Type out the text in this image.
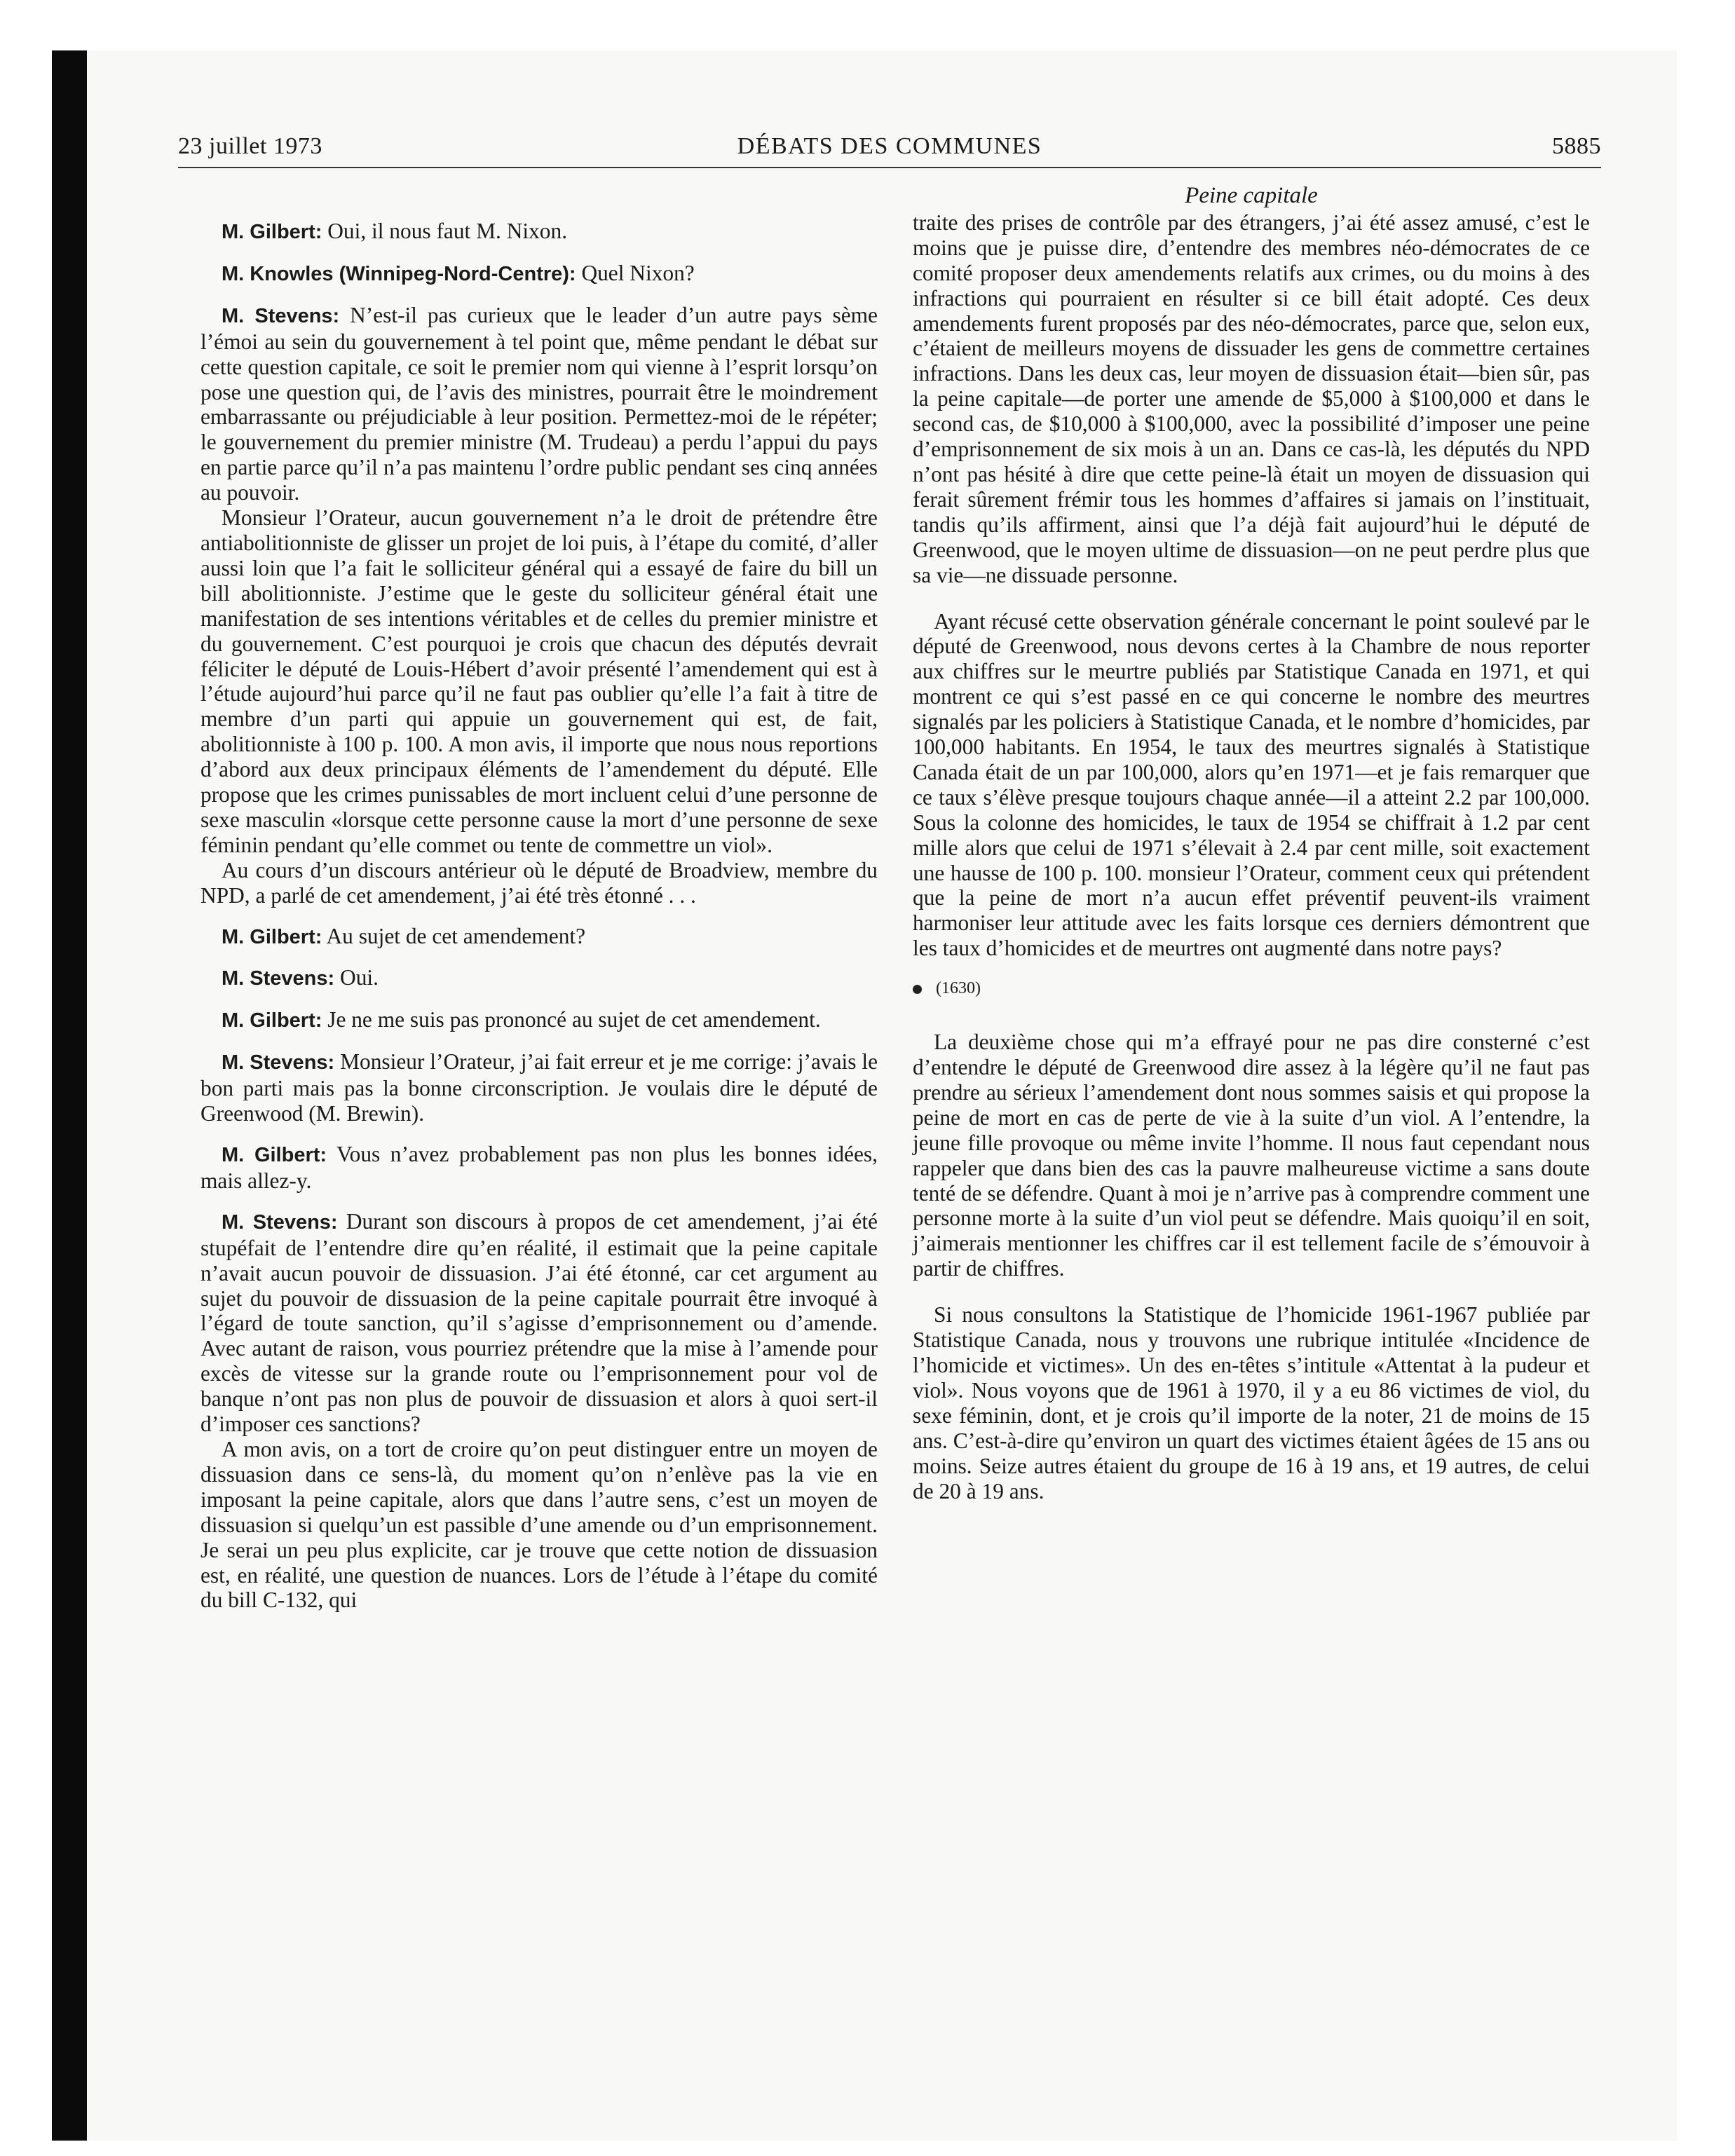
23 juillet 1973	DÉBATS DES COMMUNES	5885

M. Gilbert: Oui, il nous faut M. Nixon.

M. Knowles (Winnipeg-Nord-Centre): Quel Nixon?

M. Stevens: N’est-il pas curieux que le leader d’un autre pays sème l’émoi au sein du gouvernement à tel point que, même pendant le débat sur cette question capitale, ce soit le premier nom qui vienne à l’esprit lorsqu’on pose une question qui, de l’avis des ministres, pourrait être le moindrement embarrassante ou préjudiciable à leur position. Permettez-moi de le répéter; le gouvernement du premier ministre (M. Trudeau) a perdu l’appui du pays en partie parce qu’il n’a pas maintenu l’ordre public pendant ses cinq années au pouvoir.

Monsieur l’Orateur, aucun gouvernement n’a le droit de prétendre être antiabolitionniste de glisser un projet de loi puis, à l’étape du comité, d’aller aussi loin que l’a fait le solliciteur général qui a essayé de faire du bill un bill abolitionniste. J’estime que le geste du solliciteur général était une manifestation de ses intentions véritables et de celles du premier ministre et du gouvernement. C’est pourquoi je crois que chacun des députés devrait féliciter le député de Louis-Hébert d’avoir présenté l’amendement qui est à l’étude aujourd’hui parce qu’il ne faut pas oublier qu’elle l’a fait à titre de membre d’un parti qui appuie un gouvernement qui est, de fait, abolitionniste à 100 p. 100. A mon avis, il importe que nous nous reportions d’abord aux deux principaux éléments de l’amendement du député. Elle propose que les crimes punissables de mort incluent celui d’une personne de sexe masculin «lorsque cette personne cause la mort d’une personne de sexe féminin pendant qu’elle commet ou tente de commettre un viol».

Au cours d’un discours antérieur où le député de Broadview, membre du NPD, a parlé de cet amendement, j’ai été très étonné . . .

M. Gilbert: Au sujet de cet amendement?

M. Stevens: Oui.

M. Gilbert: Je ne me suis pas prononcé au sujet de cet amendement.

M. Stevens: Monsieur l’Orateur, j’ai fait erreur et je me corrige: j’avais le bon parti mais pas la bonne circonscription. Je voulais dire le député de Greenwood (M. Brewin).

M. Gilbert: Vous n’avez probablement pas non plus les bonnes idées, mais allez-y.

M. Stevens: Durant son discours à propos de cet amendement, j’ai été stupéfait de l’entendre dire qu’en réalité, il estimait que la peine capitale n’avait aucun pouvoir de dissuasion. J’ai été étonné, car cet argument au sujet du pouvoir de dissuasion de la peine capitale pourrait être invoqué à l’égard de toute sanction, qu’il s’agisse d’emprisonnement ou d’amende. Avec autant de raison, vous pourriez prétendre que la mise à l’amende pour excès de vitesse sur la grande route ou l’emprisonnement pour vol de banque n’ont pas non plus de pouvoir de dissuasion et alors à quoi sert-il d’imposer ces sanctions?

A mon avis, on a tort de croire qu’on peut distinguer entre un moyen de dissuasion dans ce sens-là, du moment qu’on n’enlève pas la vie en imposant la peine capitale, alors que dans l’autre sens, c’est un moyen de dissuasion si quelqu’un est passible d’une amende ou d’un emprisonnement. Je serai un peu plus explicite, car je trouve que cette notion de dissuasion est, en réalité, une question de nuances. Lors de l’étude à l’étape du comité du bill C-132, qui

Peine capitale

traite des prises de contrôle par des étrangers, j’ai été assez amusé, c’est le moins que je puisse dire, d’entendre des membres néo-démocrates de ce comité proposer deux amendements relatifs aux crimes, ou du moins à des infractions qui pourraient en résulter si ce bill était adopté. Ces deux amendements furent proposés par des néo-démocrates, parce que, selon eux, c’étaient de meilleurs moyens de dissuader les gens de commettre certaines infractions. Dans les deux cas, leur moyen de dissuasion était—bien sûr, pas la peine capitale—de porter une amende de $5,000 à $100,000 et dans le second cas, de $10,000 à $100,000, avec la possibilité d’imposer une peine d’emprisonnement de six mois à un an. Dans ce cas-là, les députés du NPD n’ont pas hésité à dire que cette peine-là était un moyen de dissuasion qui ferait sûrement frémir tous les hommes d’affaires si jamais on l’instituait, tandis qu’ils affirment, ainsi que l’a déjà fait aujourd’hui le député de Greenwood, que le moyen ultime de dissuasion—on ne peut perdre plus que sa vie—ne dissuade personne.

Ayant récusé cette observation générale concernant le point soulevé par le député de Greenwood, nous devons certes à la Chambre de nous reporter aux chiffres sur le meurtre publiés par Statistique Canada en 1971, et qui montrent ce qui s’est passé en ce qui concerne le nombre des meurtres signalés par les policiers à Statistique Canada, et le nombre d’homicides, par 100,000 habitants. En 1954, le taux des meurtres signalés à Statistique Canada était de un par 100,000, alors qu’en 1971—et je fais remarquer que ce taux s’élève presque toujours chaque année—il a atteint 2.2 par 100,000. Sous la colonne des homicides, le taux de 1954 se chiffrait à 1.2 par cent mille alors que celui de 1971 s’élevait à 2.4 par cent mille, soit exactement une hausse de 100 p. 100. monsieur l’Orateur, comment ceux qui prétendent que la peine de mort n’a aucun effet préventif peuvent-ils vraiment harmoniser leur attitude avec les faits lorsque ces derniers démontrent que les taux d’homicides et de meurtres ont augmenté dans notre pays?

(1630)

La deuxième chose qui m’a effrayé pour ne pas dire consterné c’est d’entendre le député de Greenwood dire assez à la légère qu’il ne faut pas prendre au sérieux l’amendement dont nous sommes saisis et qui propose la peine de mort en cas de perte de vie à la suite d’un viol. A l’entendre, la jeune fille provoque ou même invite l’homme. Il nous faut cependant nous rappeler que dans bien des cas la pauvre malheureuse victime a sans doute tenté de se défendre. Quant à moi je n’arrive pas à comprendre comment une personne morte à la suite d’un viol peut se défendre. Mais quoiqu’il en soit, j’aimerais mentionner les chiffres car il est tellement facile de s’émouvoir à partir de chiffres.

Si nous consultons la Statistique de l’homicide 1961-1967 publiée par Statistique Canada, nous y trouvons une rubrique intitulée «Incidence de l’homicide et victimes». Un des en-têtes s’intitule «Attentat à la pudeur et viol». Nous voyons que de 1961 à 1970, il y a eu 86 victimes de viol, du sexe féminin, dont, et je crois qu’il importe de la noter, 21 de moins de 15 ans. C’est-à-dire qu’environ un quart des victimes étaient âgées de 15 ans ou moins. Seize autres étaient du groupe de 16 à 19 ans, et 19 autres, de celui de 20 à 19 ans.
